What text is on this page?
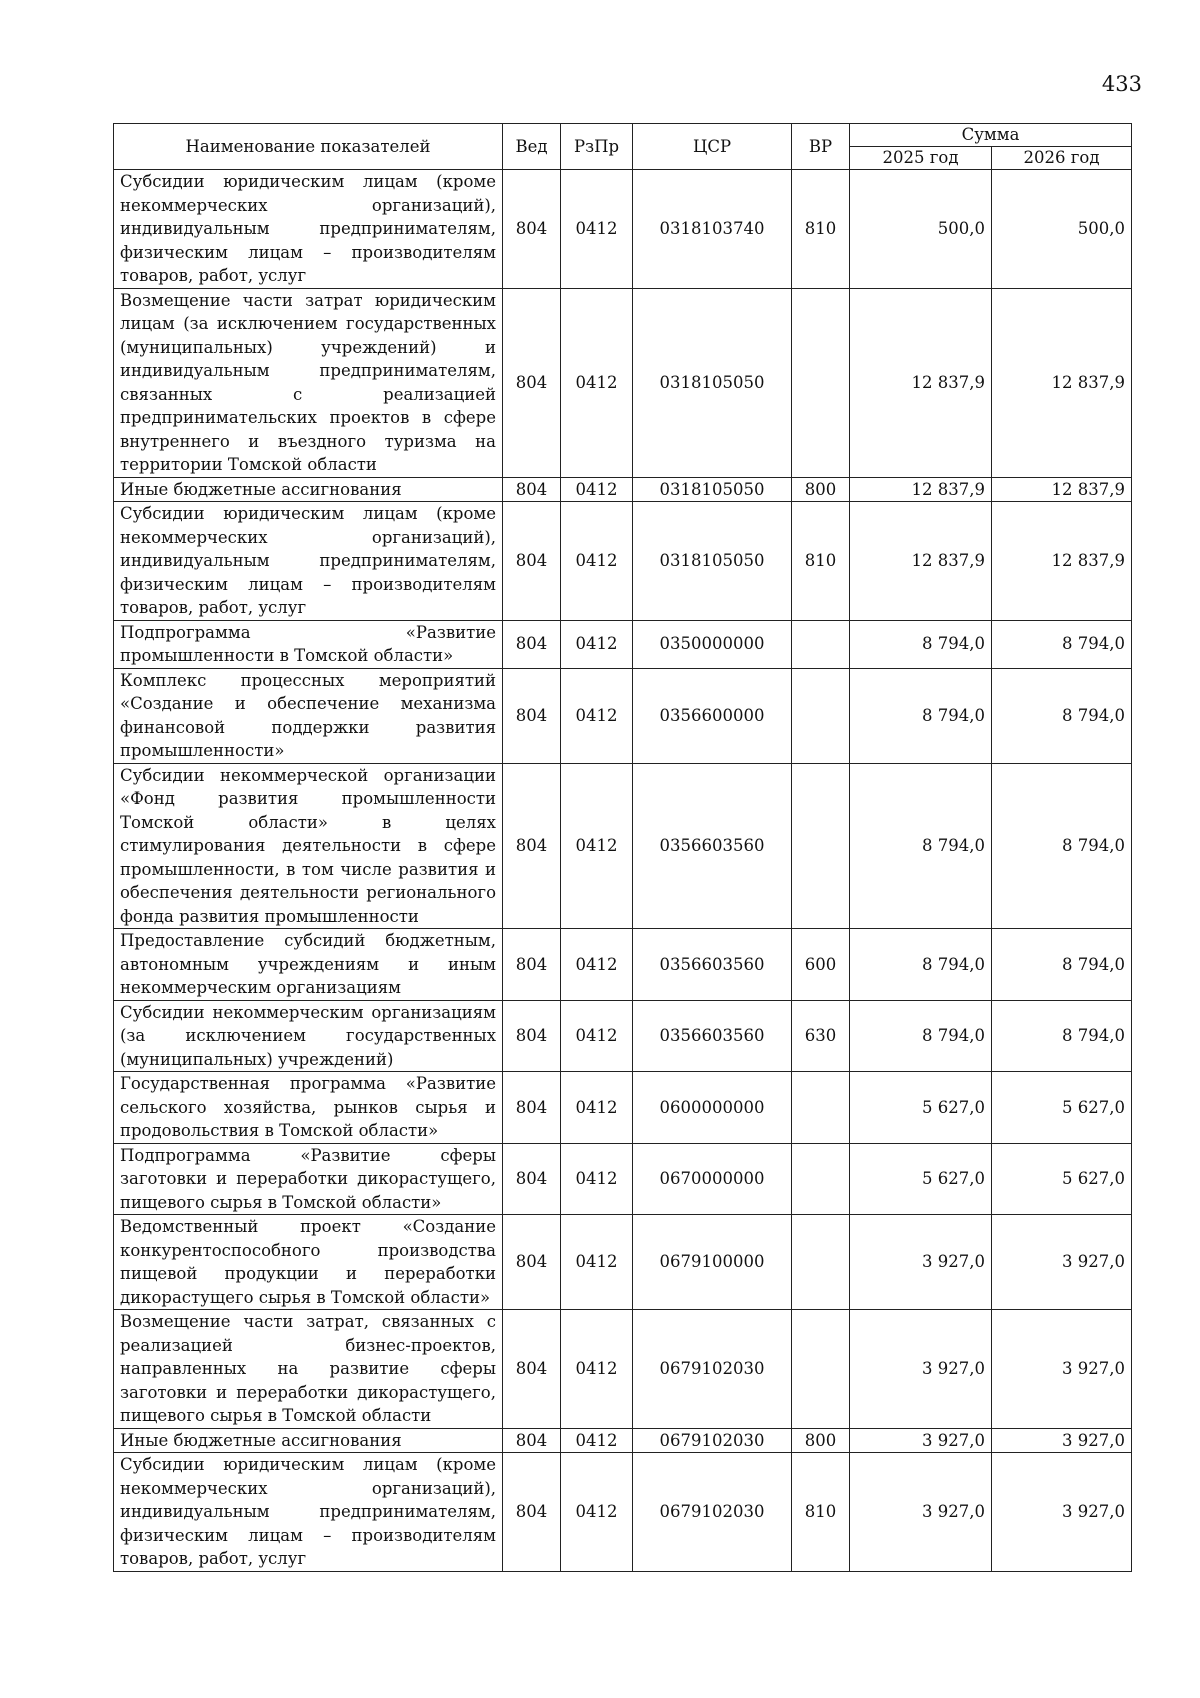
433
Наименование показателей	Вед	РзПр	ЦСР	ВР	Сумма	
					2025 год	2026 год
Субсидии юридическим лицам (кроме некоммерческих организаций), индивидуальным предпринимателям, физическим лицам – производителям товаров, работ, услуг	804	0412	0318103740	810	500,0	500,0
Возмещение части затрат юридическим лицам (за исключением государственных (муниципальных) учреждений) и индивидуальным предпринимателям, связанных с реализацией предпринимательских проектов в сфере внутреннего и въездного туризма на территории Томской области	804	0412	0318105050		12 837,9	12 837,9
Иные бюджетные ассигнования	804	0412	0318105050	800	12 837,9	12 837,9
Субсидии юридическим лицам (кроме некоммерческих организаций), индивидуальным предпринимателям, физическим лицам – производителям товаров, работ, услуг	804	0412	0318105050	810	12 837,9	12 837,9
Подпрограмма «Развитие промышленности в Томской области»	804	0412	0350000000		8 794,0	8 794,0
Комплекс процессных мероприятий «Создание и обеспечение механизма финансовой поддержки развития промышленности»	804	0412	0356600000		8 794,0	8 794,0
Субсидии некоммерческой организации «Фонд развития промышленности Томской области» в целях стимулирования деятельности в сфере промышленности, в том числе развития и обеспечения деятельности регионального фонда развития промышленности	804	0412	0356603560		8 794,0	8 794,0
Предоставление субсидий бюджетным, автономным учреждениям и иным некоммерческим организациям	804	0412	0356603560	600	8 794,0	8 794,0
Субсидии некоммерческим организациям (за исключением государственных (муниципальных) учреждений)	804	0412	0356603560	630	8 794,0	8 794,0
Государственная программа «Развитие сельского хозяйства, рынков сырья и продовольствия в Томской области»	804	0412	0600000000		5 627,0	5 627,0
Подпрограмма «Развитие сферы заготовки и переработки дикорастущего, пищевого сырья в Томской области»	804	0412	0670000000		5 627,0	5 627,0
Ведомственный проект «Создание конкурентоспособного производства пищевой продукции и переработки дикорастущего сырья в Томской области»	804	0412	0679100000		3 927,0	3 927,0
Возмещение части затрат, связанных с реализацией бизнес-проектов, направленных на развитие сферы заготовки и переработки дикорастущего, пищевого сырья в Томской области	804	0412	0679102030		3 927,0	3 927,0
Иные бюджетные ассигнования	804	0412	0679102030	800	3 927,0	3 927,0
Субсидии юридическим лицам (кроме некоммерческих организаций), индивидуальным предпринимателям, физическим лицам – производителям товаров, работ, услуг	804	0412	0679102030	810	3 927,0	3 927,0
